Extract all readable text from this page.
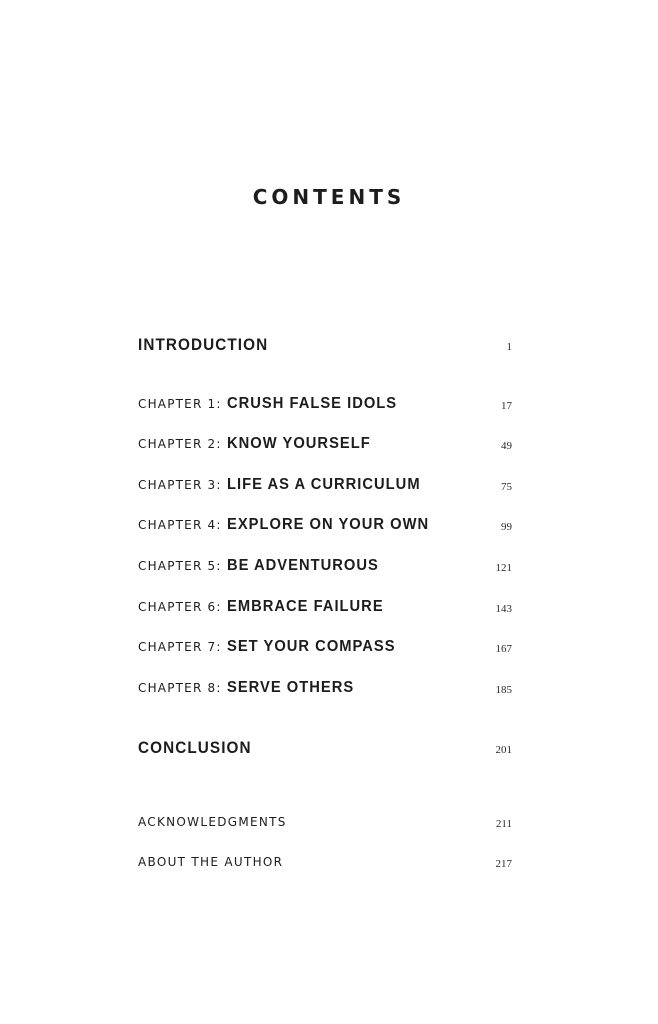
CONTENTS
INTRODUCTION	1
CHAPTER 1: CRUSH FALSE IDOLS	17
CHAPTER 2: KNOW YOURSELF	49
CHAPTER 3: LIFE AS A CURRICULUM	75
CHAPTER 4: EXPLORE ON YOUR OWN	99
CHAPTER 5: BE ADVENTUROUS	121
CHAPTER 6: EMBRACE FAILURE	143
CHAPTER 7: SET YOUR COMPASS	167
CHAPTER 8: SERVE OTHERS	185
CONCLUSION	201
ACKNOWLEDGMENTS	211
ABOUT THE AUTHOR	217
